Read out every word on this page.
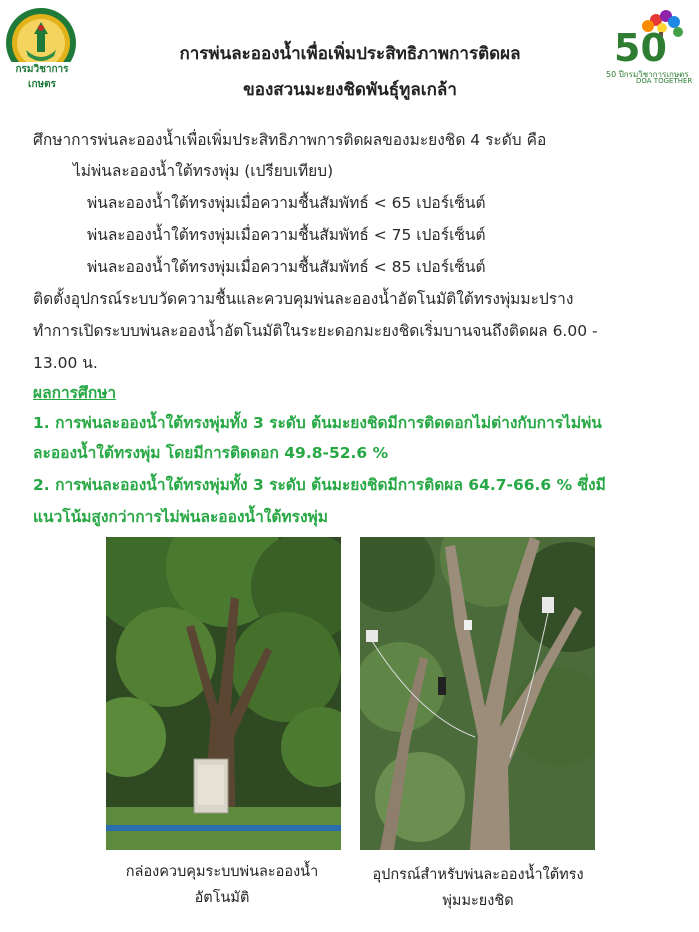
กรมวิชาการเกษตร
50
50 ปีกรมวิชาการเกษตร
DOA TOGETHER
การพ่นละอองน้ำเพื่อเพิ่มประสิทธิภาพการติดผล
ของสวนมะยงชิดพันธุ์ทูลเกล้า
ศึกษาการพ่นละอองน้ำเพื่อเพิ่มประสิทธิภาพการติดผลของมะยงชิด 4 ระดับ คือ
ไม่พ่นละอองน้ำใต้ทรงพุ่ม (เปรียบเทียบ)
พ่นละอองน้ำใต้ทรงพุ่มเมื่อความชื้นสัมพัทธ์ < 65 เปอร์เซ็นต์
พ่นละอองน้ำใต้ทรงพุ่มเมื่อความชื้นสัมพัทธ์ < 75 เปอร์เซ็นต์
พ่นละอองน้ำใต้ทรงพุ่มเมื่อความชื้นสัมพัทธ์ < 85 เปอร์เซ็นต์
ติดตั้งอุปกรณ์ระบบวัดความชื้นและควบคุมพ่นละอองน้ำอัตโนมัติใต้ทรงพุ่มมะปราง
ทำการเปิดระบบพ่นละอองน้ำอัตโนมัติในระยะดอกมะยงชิดเริ่มบานจนถึงติดผล 6.00 -
13.00 น.
ผลการศึกษา
1. การพ่นละอองน้ำใต้ทรงพุ่มทั้ง 3 ระดับ ต้นมะยงชิดมีการติดดอกไม่ต่างกับการไม่พ่น
ละอองน้ำใต้ทรงพุ่ม โดยมีการติดดอก 49.8-52.6 %
2. การพ่นละอองน้ำใต้ทรงพุ่มทั้ง 3 ระดับ ต้นมะยงชิดมีการติดผล 64.7-66.6 % ซึ่งมี
แนวโน้มสูงกว่าการไม่พ่นละอองน้ำใต้ทรงพุ่ม
กล่องควบคุมระบบพ่นละอองน้ำ
อัตโนมัติ
อุปกรณ์สำหรับพ่นละอองน้ำใต้ทรง
พุ่มมะยงชิด
